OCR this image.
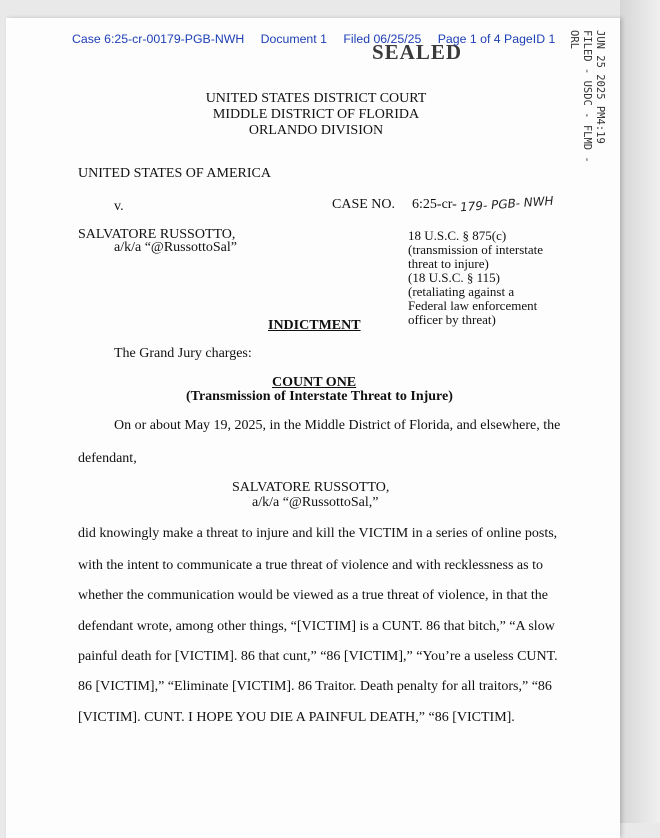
Case 6:25-cr-00179-PGB-NWH Document 1 Filed 06/25/25 Page 1 of 4 PageID 1
SEALED	JUN 25 2025 PM4:19
FILED - USDC - FLMD - ORL
UNITED STATES DISTRICT COURT
MIDDLE DISTRICT OF FLORIDA
ORLANDO DIVISION
UNITED STATES OF AMERICA
v.
SALVATORE RUSSOTTO,
a/k/a “@RussottoSal”
CASE NO. 6:25-cr- 179- PGB- NWH
18 U.S.C. § 875(c)
(transmission of interstate
threat to injure)
(18 U.S.C. § 115)
(retaliating against a
Federal law enforcement
officer by threat)
INDICTMENT
The Grand Jury charges:
COUNT ONE
(Transmission of Interstate Threat to Injure)
On or about May 19, 2025, in the Middle District of Florida, and elsewhere, the
defendant,
SALVATORE RUSSOTTO,
a/k/a “@RussottoSal,”
did knowingly make a threat to injure and kill the VICTIM in a series of online posts,
with the intent to communicate a true threat of violence and with recklessness as to
whether the communication would be viewed as a true threat of violence, in that the
defendant wrote, among other things, “[VICTIM] is a CUNT. 86 that bitch,” “A slow
painful death for [VICTIM]. 86 that cunt,” “86 [VICTIM],” “You’re a useless CUNT.
86 [VICTIM],” “Eliminate [VICTIM]. 86 Traitor. Death penalty for all traitors,” “86
[VICTIM]. CUNT. I HOPE YOU DIE A PAINFUL DEATH,” “86 [VICTIM].
